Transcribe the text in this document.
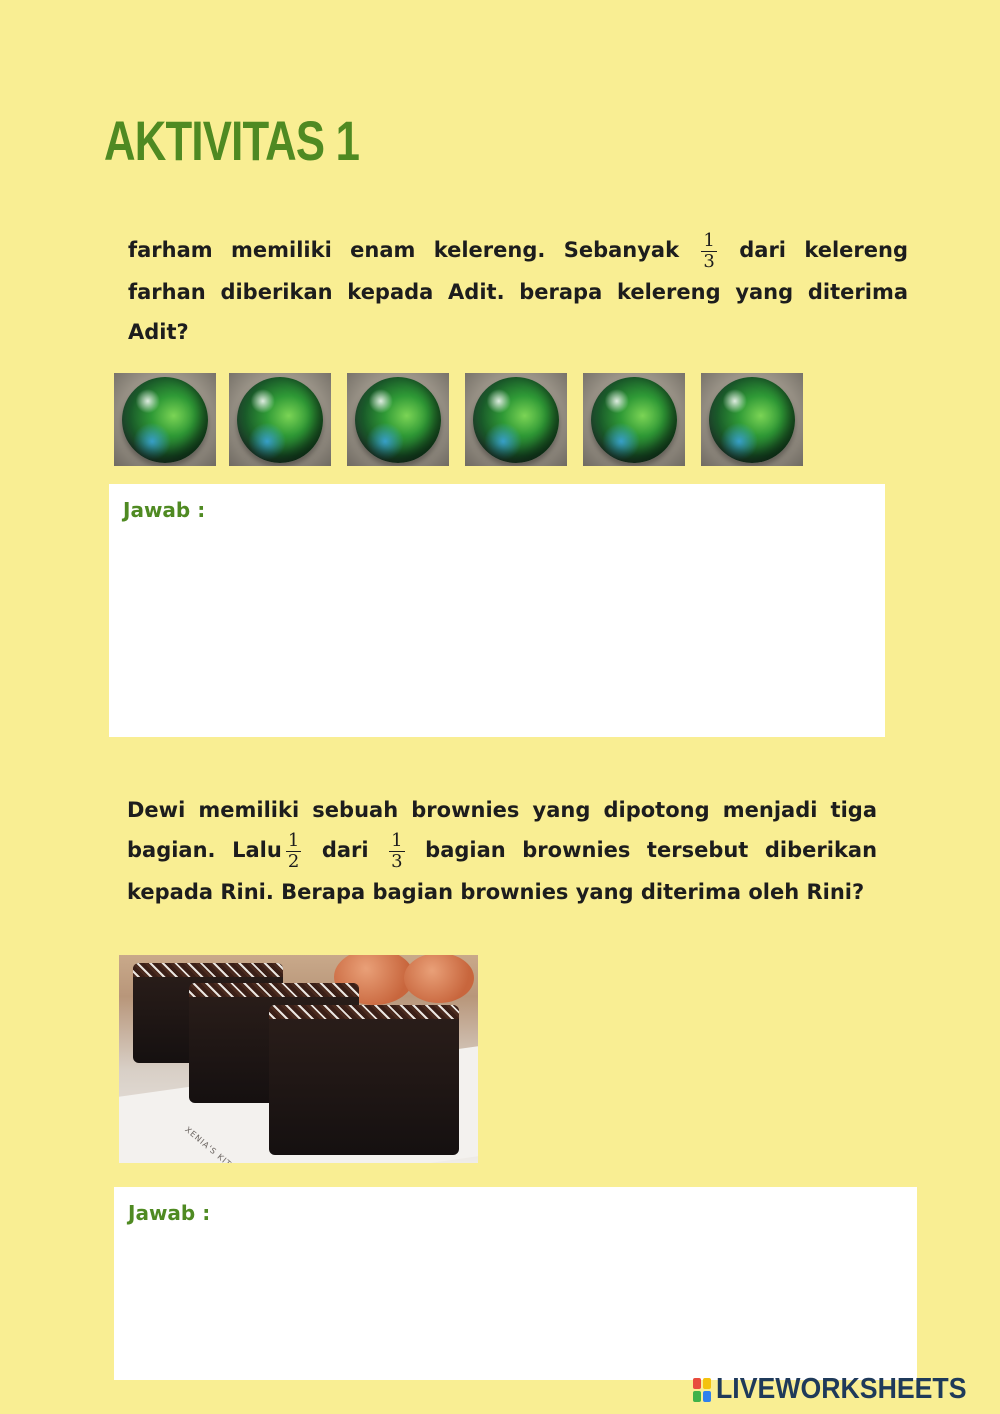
AKTIVITAS 1

farham memiliki enam kelereng. Sebanyak $\frac{1}{3}$ dari kelereng farhan diberikan kepada Adit. berapa kelereng yang diterima Adit?

Jawab :

Dewi memiliki sebuah brownies yang dipotong menjadi tiga bagian. Lalu $\frac{1}{2}$ dari $\frac{1}{3}$ bagian brownies tersebut diberikan kepada Rini. Berapa bagian brownies yang diterima oleh Rini?

Jawab :
LIVEWORKSHEETS
